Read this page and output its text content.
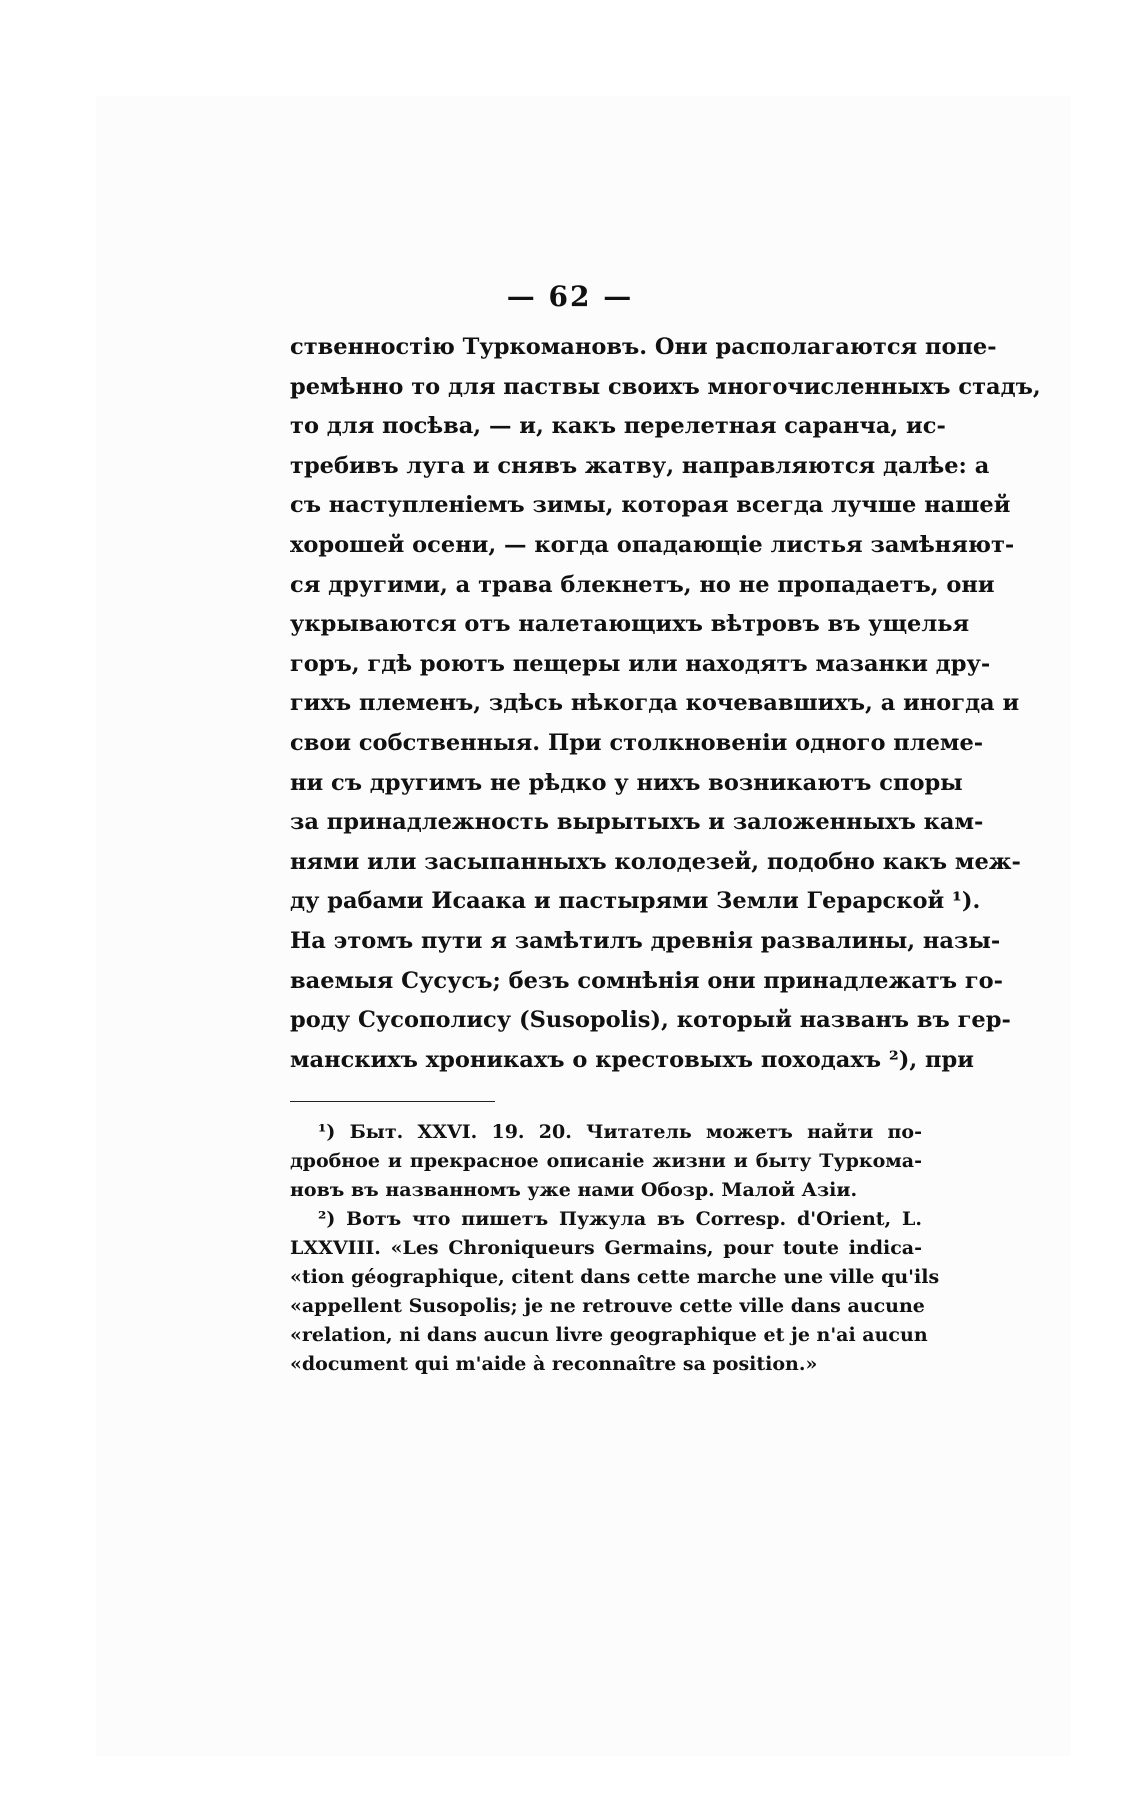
— 62 —
ственностію Туркомановъ. Они располагаются попе-
ремѣнно то для паствы своихъ многочисленныхъ стадъ,
то для посѣва, — и, какъ перелетная саранча, ис-
требивъ луга и снявъ жатву, направляются далѣе: а
съ наступленіемъ зимы, которая всегда лучше нашей
хорошей осени, — когда опадающіе листья замѣняют-
ся другими, а трава блекнетъ, но не пропадаетъ, они
укрываются отъ налетающихъ вѣтровъ въ ущелья
горъ, гдѣ роютъ пещеры или находятъ мазанки дру-
гихъ племенъ, здѣсь нѣкогда кочевавшихъ, а иногда и
свои собственныя. При столкновеніи одного племе-
ни съ другимъ не рѣдко у нихъ возникаютъ споры
за принадлежность вырытыхъ и заложенныхъ кам-
нями или засыпанныхъ колодезей, подобно какъ меж-
ду рабами Исаака и пастырями Земли Герарской ¹).
На этомъ пути я замѣтилъ древнія развалины, назы-
ваемыя Сусусъ; безъ сомнѣнія они принадлежатъ го-
роду Сусополису (Susopolis), который названъ въ гер-
манскихъ хроникахъ о крестовыхъ походахъ ²), при
¹) Быт. XXVI. 19. 20. Читатель можетъ найти по-
дробное и прекрасное описаніе жизни и быту Туркома-
новъ въ названномъ уже нами Обозр. Малой Азіи.
²) Вотъ что пишетъ Пужула въ Corresp. d'Orient, L.
LXXVIII. «Les Chroniqueurs Germains, pour toute indica-
«tion géographique, citent dans cette marche une ville qu'ils
«appellent Susopolis; je ne retrouve cette ville dans aucune
«relation, ni dans aucun livre geographique et je n'ai aucun
«document qui m'aide à reconnaître sa position.»
